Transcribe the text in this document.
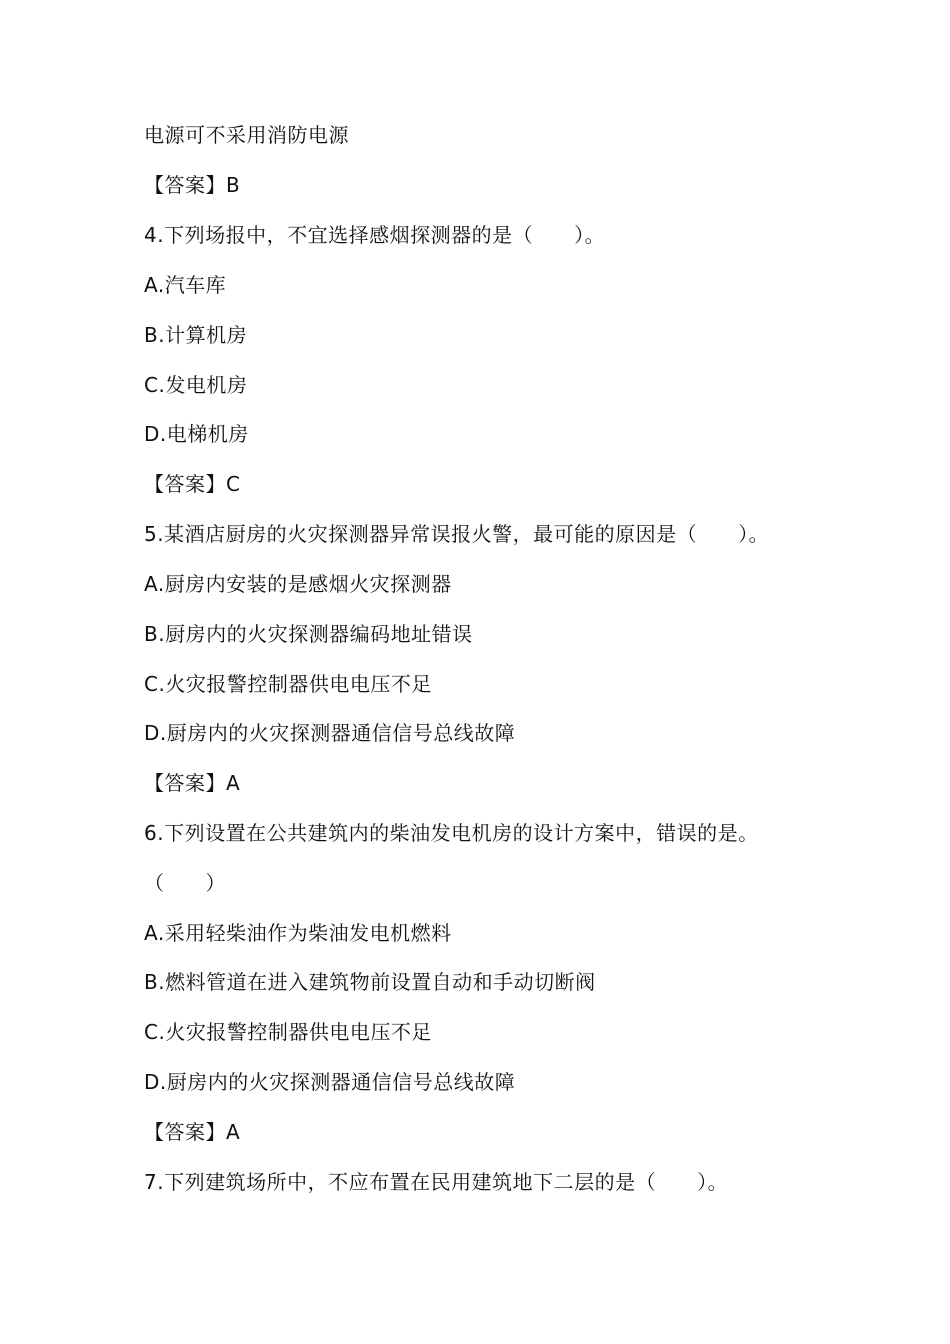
电源可不采用消防电源
【答案】B
4.下列场报中，不宜选择感烟探测器的是（　　）。
A.汽车库
B.计算机房
C.发电机房
D.电梯机房
【答案】C
5.某酒店厨房的火灾探测器异常误报火警，最可能的原因是（　　）。
A.厨房内安装的是感烟火灾探测器
B.厨房内的火灾探测器编码地址错误
C.火灾报警控制器供电电压不足
D.厨房内的火灾探测器通信信号总线故障
【答案】A
6.下列设置在公共建筑内的柴油发电机房的设计方案中，错误的是。
（　　）
A.采用轻柴油作为柴油发电机燃料
B.燃料管道在进入建筑物前设置自动和手动切断阀
C.火灾报警控制器供电电压不足
D.厨房内的火灾探测器通信信号总线故障
【答案】A
7.下列建筑场所中，不应布置在民用建筑地下二层的是（　　）。
